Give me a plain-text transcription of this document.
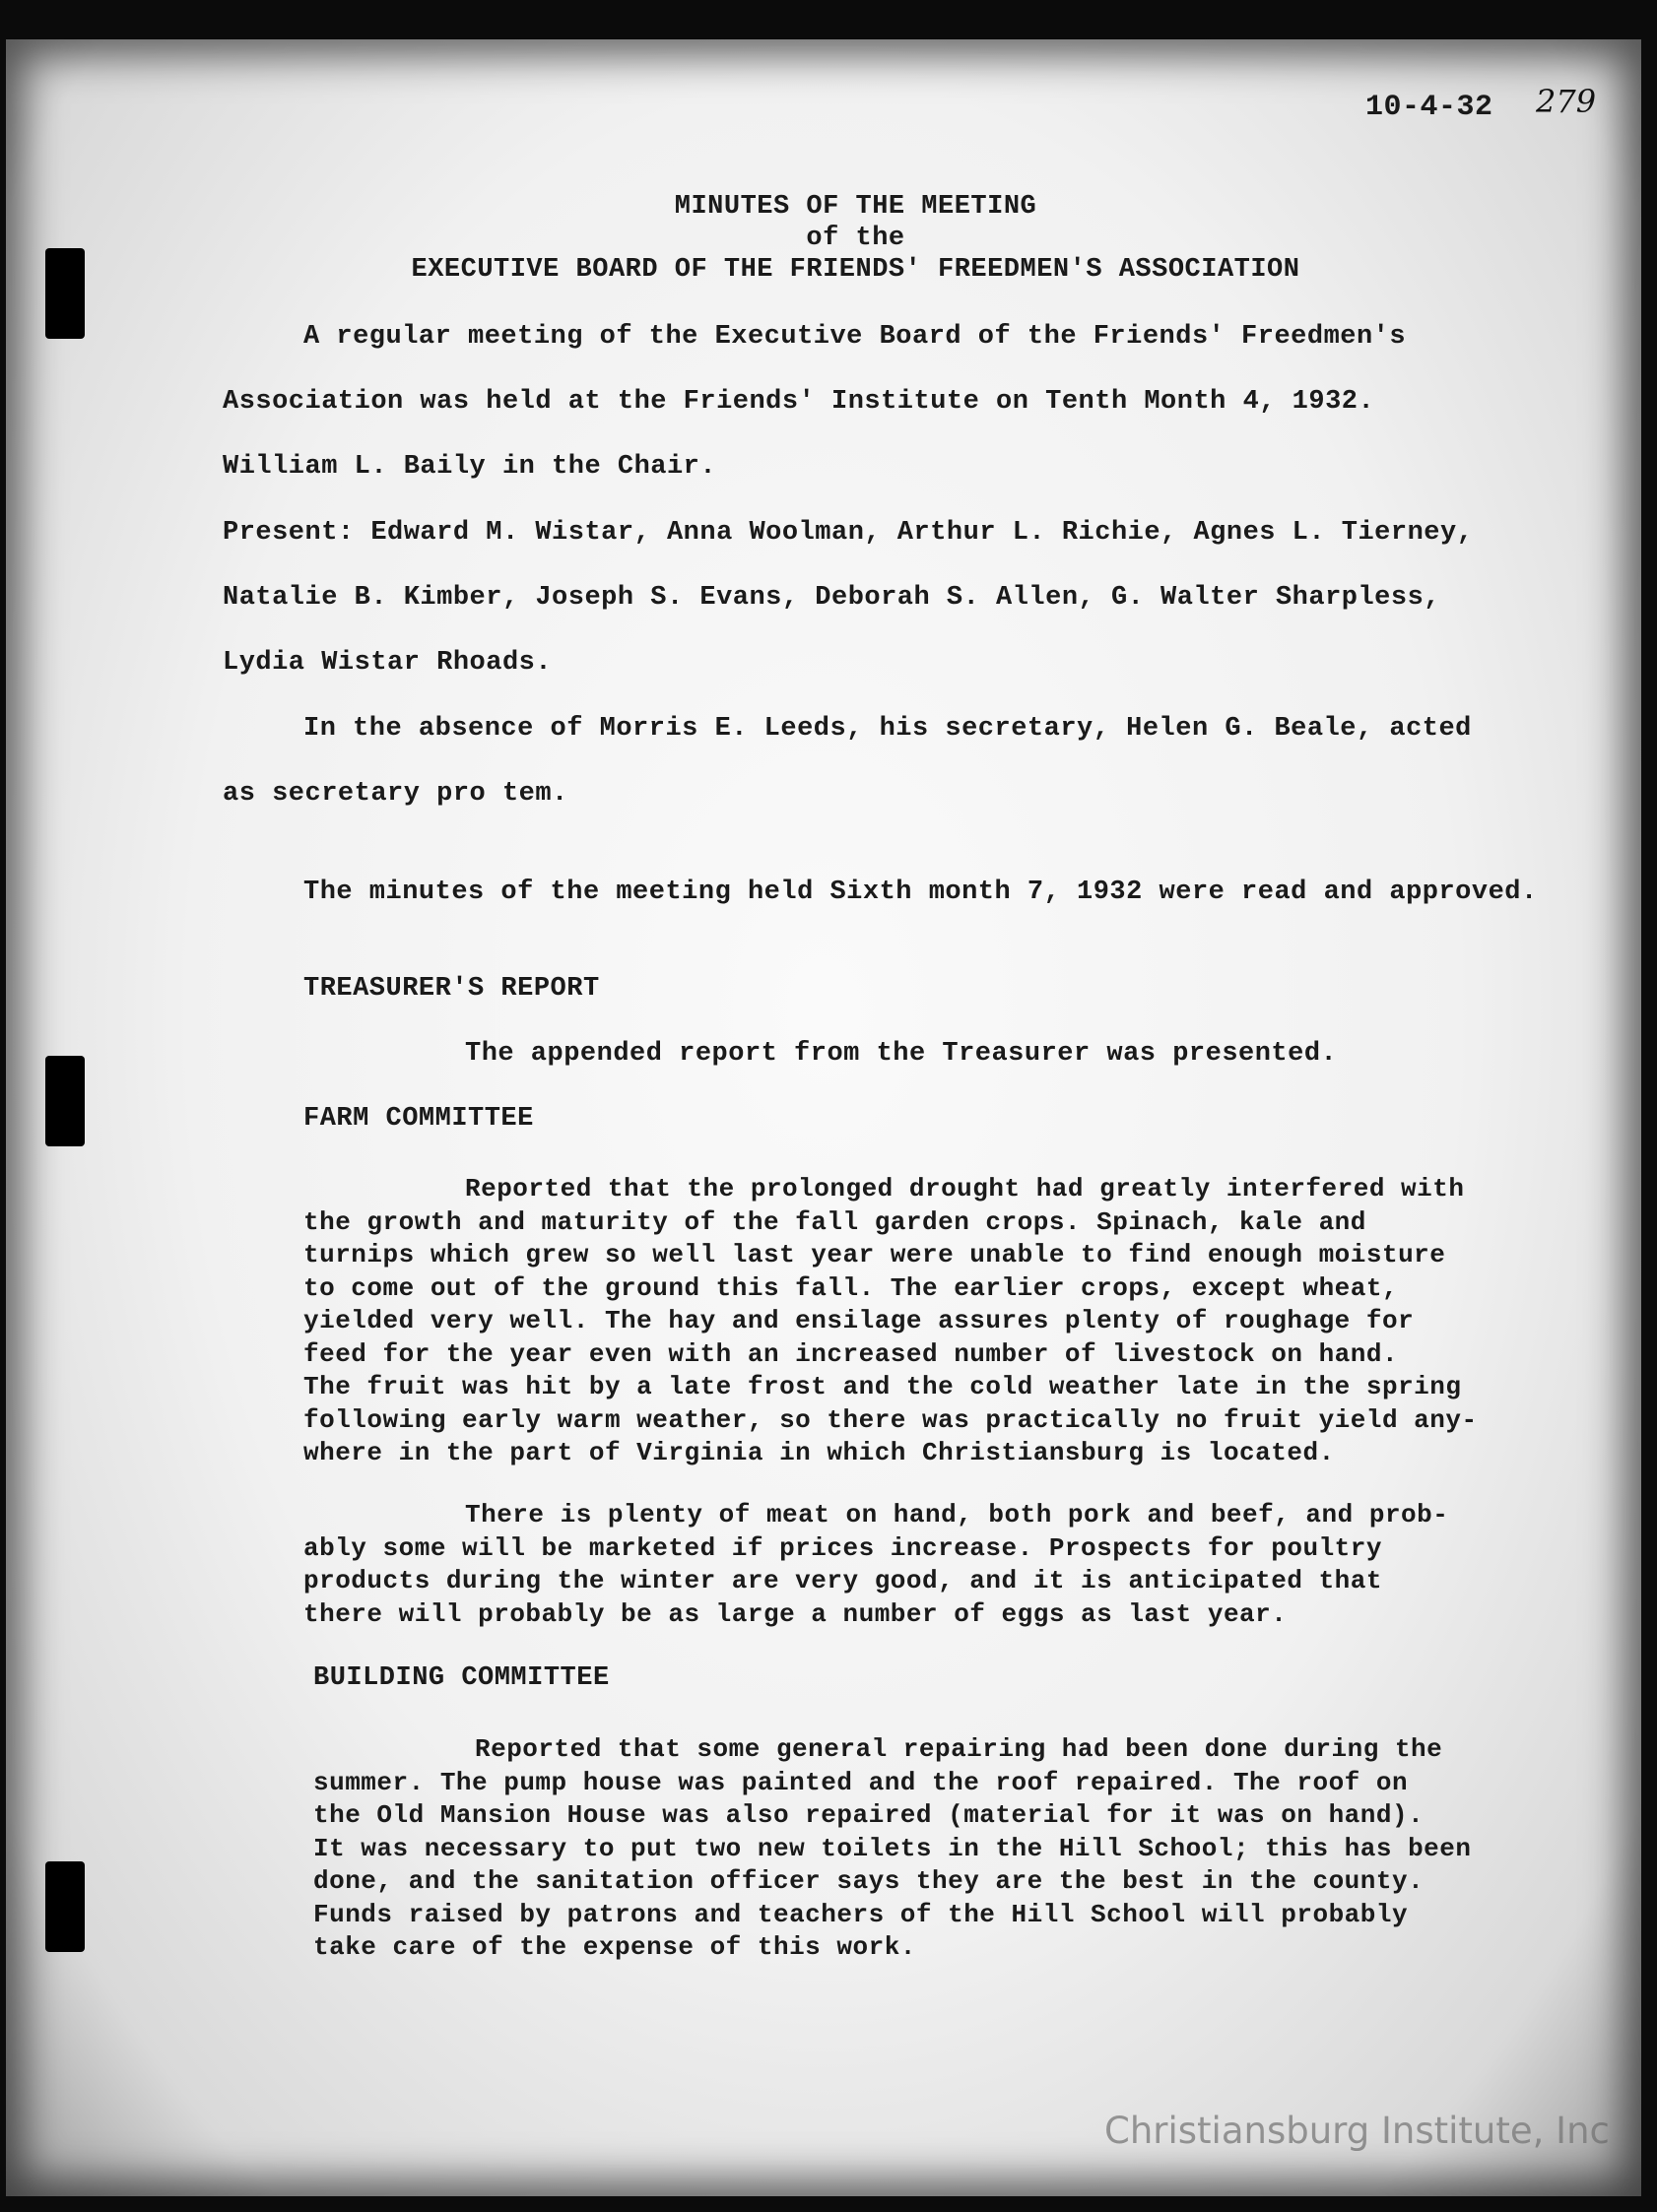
10-4-32 279
MINUTES OF THE MEETING
of the
EXECUTIVE BOARD OF THE FRIENDS' FREEDMEN'S ASSOCIATION
A regular meeting of the Executive Board of the Friends' Freedmen's
Association was held at the Friends' Institute on Tenth Month 4, 1932.
William L. Baily in the Chair.
Present: Edward M. Wistar, Anna Woolman, Arthur L. Richie, Agnes L. Tierney,
Natalie B. Kimber, Joseph S. Evans, Deborah S. Allen, G. Walter Sharpless,
Lydia Wistar Rhoads.
In the absence of Morris E. Leeds, his secretary, Helen G. Beale, acted
as secretary pro tem.
The minutes of the meeting held Sixth month 7, 1932 were read and approved.
TREASURER'S REPORT
The appended report from the Treasurer was presented.
FARM COMMITTEE
Reported that the prolonged drought had greatly interfered with
the growth and maturity of the fall garden crops. Spinach, kale and
turnips which grew so well last year were unable to find enough moisture
to come out of the ground this fall. The earlier crops, except wheat,
yielded very well. The hay and ensilage assures plenty of roughage for
feed for the year even with an increased number of livestock on hand.
The fruit was hit by a late frost and the cold weather late in the spring
following early warm weather, so there was practically no fruit yield any-
where in the part of Virginia in which Christiansburg is located.
There is plenty of meat on hand, both pork and beef, and prob-
ably some will be marketed if prices increase. Prospects for poultry
products during the winter are very good, and it is anticipated that
there will probably be as large a number of eggs as last year.
BUILDING COMMITTEE
Reported that some general repairing had been done during the
summer. The pump house was painted and the roof repaired. The roof on
the Old Mansion House was also repaired (material for it was on hand).
It was necessary to put two new toilets in the Hill School; this has been
done, and the sanitation officer says they are the best in the county.
Funds raised by patrons and teachers of the Hill School will probably
take care of the expense of this work.
Christiansburg Institute, Inc
